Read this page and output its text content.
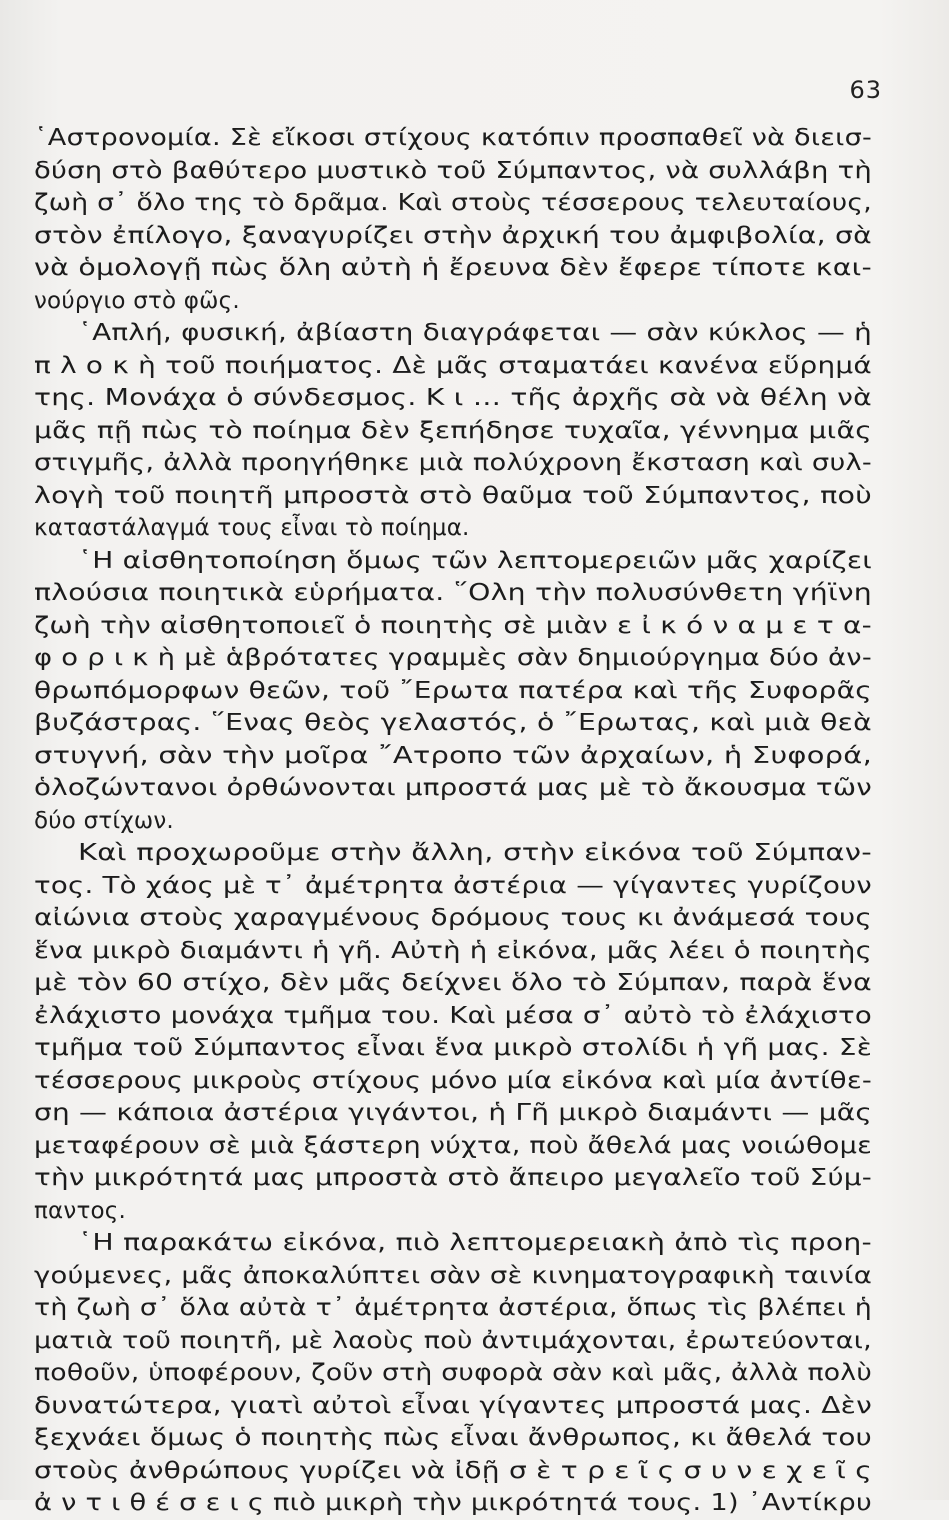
63
῾Αστρονομία. Σὲ εἴκοσι στίχους κατόπιν προσπαθεῖ νὰ διεισ-
δύση στὸ βαθύτερο μυστικὸ τοῦ Σύμπαντος, νὰ συλλάβη τὴ
ζωὴ σ᾽ ὅλο της τὸ δρᾶμα. Καὶ στοὺς τέσσερους τελευταίους,
στὸν ἐπίλογο, ξαναγυρίζει στὴν ἀρχική του ἀμφιβολία, σὰ
νὰ ὁμολογῇ πὼς ὅλη αὐτὴ ἡ ἔρευνα δὲν ἔφερε τίποτε και-
νούργιο στὸ φῶς.
῾Απλή, φυσική, ἀβίαστη διαγράφεται — σὰν κύκλος — ἡ
π λ ο κ ὴ τοῦ ποιήματος. Δὲ μᾶς σταματάει κανένα εὕρημά
της. Μονάχα ὁ σύνδεσμος. Κ ι … τῆς ἀρχῆς σὰ νὰ θέλη νὰ
μᾶς πῇ πὼς τὸ ποίημα δὲν ξεπήδησε τυχαῖα, γέννημα μιᾶς
στιγμῆς, ἀλλὰ προηγήθηκε μιὰ πολύχρονη ἔκσταση καὶ συλ-
λογὴ τοῦ ποιητῆ μπροστὰ στὸ θαῦμα τοῦ Σύμπαντος, ποὺ
καταστάλαγμά τους εἶναι τὸ ποίημα.
῾Η αἰσθητοποίηση ὅμως τῶν λεπτομερειῶν μᾶς χαρίζει
πλούσια ποιητικὰ εὑρήματα. ῞Ολη τὴν πολυσύνθετη γήϊνη
ζωὴ τὴν αἰσθητοποιεῖ ὁ ποιητὴς σὲ μιὰν ε ἰ κ ό ν α μ ε τ α-
φ ο ρ ι κ ὴ μὲ ἁβρότατες γραμμὲς σὰν δημιούργημα δύο ἀν-
θρωπόμορφων θεῶν, τοῦ ῎Ερωτα πατέρα καὶ τῆς Συφορᾶς
βυζάστρας. ῞Ενας θεὸς γελαστός, ὁ ῎Ερωτας, καὶ μιὰ θεὰ
στυγνή, σὰν τὴν μοῖρα ῎Ατροπο τῶν ἀρχαίων, ἡ Συφορά,
ὁλοζώντανοι ὀρθώνονται μπροστά μας μὲ τὸ ἄκουσμα τῶν
δύο στίχων.
Καὶ προχωροῦμε στὴν ἄλλη, στὴν εἰκόνα τοῦ Σύμπαν-
τος. Τὸ χάος μὲ τ᾽ ἀμέτρητα ἀστέρια — γίγαντες γυρίζουν
αἰώνια στοὺς χαραγμένους δρόμους τους κι ἀνάμεσά τους
ἕνα μικρὸ διαμάντι ἡ γῆ. Αὐτὴ ἡ εἰκόνα, μᾶς λέει ὁ ποιητὴς
μὲ τὸν 60 στίχο, δὲν μᾶς δείχνει ὅλο τὸ Σύμπαν, παρὰ ἕνα
ἐλάχιστο μονάχα τμῆμα του. Καὶ μέσα σ᾽ αὐτὸ τὸ ἐλάχιστο
τμῆμα τοῦ Σύμπαντος εἶναι ἕνα μικρὸ στολίδι ἡ γῆ μας. Σὲ
τέσσερους μικροὺς στίχους μόνο μία εἰκόνα καὶ μία ἀντίθε-
ση — κάποια ἀστέρια γιγάντοι, ἡ Γῆ μικρὸ διαμάντι — μᾶς
μεταφέρουν σὲ μιὰ ξάστερη νύχτα, ποὺ ἄθελά μας νοιώθομε
τὴν μικρότητά μας μπροστὰ στὸ ἄπειρο μεγαλεῖο τοῦ Σύμ-
παντος.
῾Η παρακάτω εἰκόνα, πιὸ λεπτομερειακὴ ἀπὸ τὶς προη-
γούμενες, μᾶς ἀποκαλύπτει σὰν σὲ κινηματογραφικὴ ταινία
τὴ ζωὴ σ᾽ ὅλα αὐτὰ τ᾽ ἀμέτρητα ἀστέρια, ὅπως τὶς βλέπει ἡ
ματιὰ τοῦ ποιητῆ, μὲ λαοὺς ποὺ ἀντιμάχονται, ἐρωτεύονται,
ποθοῦν, ὑποφέρουν, ζοῦν στὴ συφορὰ σὰν καὶ μᾶς, ἀλλὰ πολὺ
δυνατώτερα, γιατὶ αὐτοὶ εἶναι γίγαντες μπροστά μας. Δὲν
ξεχνάει ὅμως ὁ ποιητὴς πὼς εἶναι ἄνθρωπος, κι ἄθελά του
στοὺς ἀνθρώπους γυρίζει νὰ ἰδῇ σ ὲ τ ρ ε ῖ ς σ υ ν ε χ ε ῖ ς
ἀ ν τ ι θ έ σ ε ι ς πιὸ μικρὴ τὴν μικρότητά τους. 1) ᾿Αντίκρυ
